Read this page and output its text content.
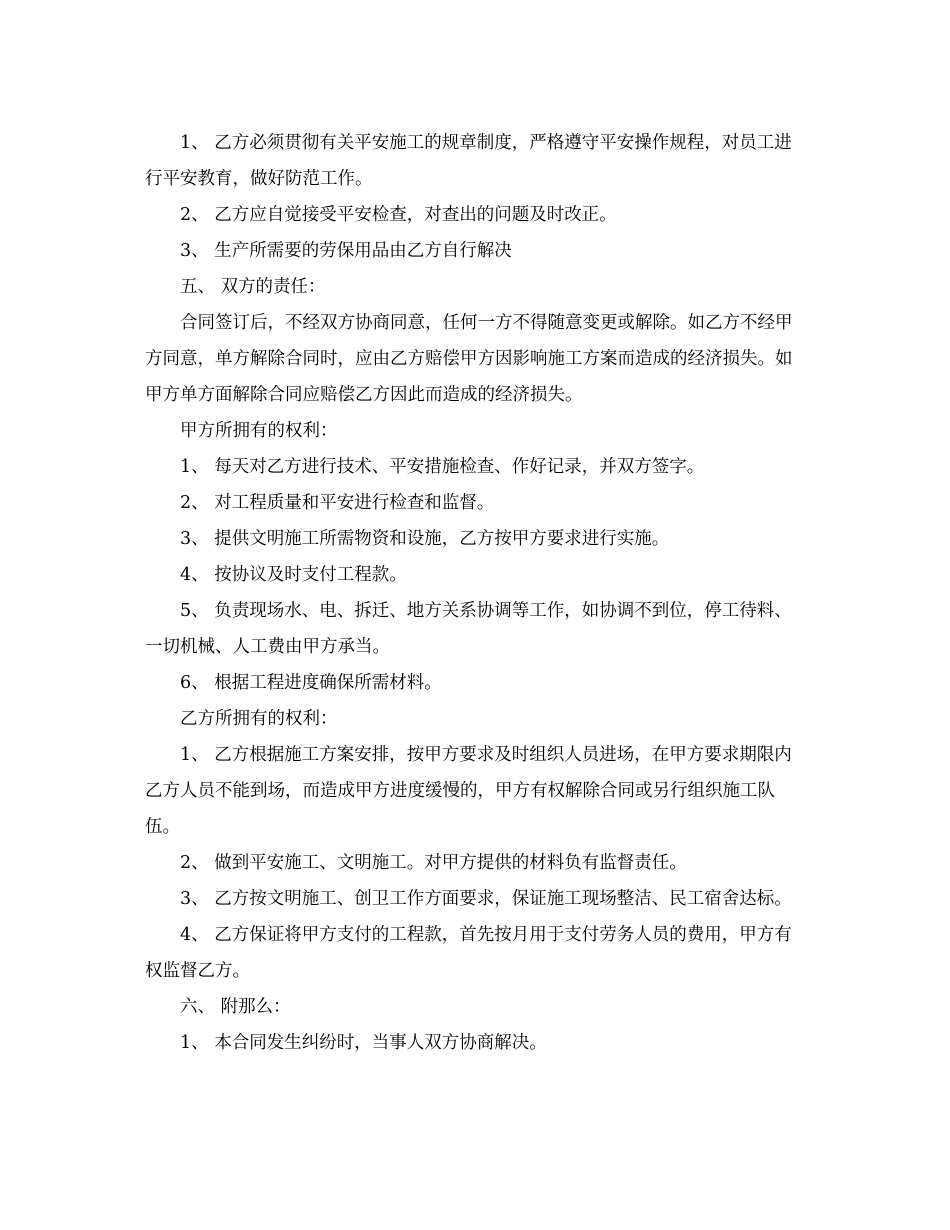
1、 乙方必须贯彻有关平安施工的规章制度，严格遵守平安操作规程，对员工进行平安教育，做好防范工作。

2、 乙方应自觉接受平安检查，对查出的问题及时改正。

3、 生产所需要的劳保用品由乙方自行解决

五、 双方的责任：

合同签订后，不经双方协商同意，任何一方不得随意变更或解除。如乙方不经甲方同意，单方解除合同时，应由乙方赔偿甲方因影响施工方案而造成的经济损失。如甲方单方面解除合同应赔偿乙方因此而造成的经济损失。

甲方所拥有的权利：

1、 每天对乙方进行技术、平安措施检查、作好记录，并双方签字。

2、 对工程质量和平安进行检查和监督。

3、 提供文明施工所需物资和设施，乙方按甲方要求进行实施。

4、 按协议及时支付工程款。

5、 负责现场水、电、拆迁、地方关系协调等工作，如协调不到位，停工待料、一切机械、人工费由甲方承当。

6、 根据工程进度确保所需材料。

乙方所拥有的权利：

1、 乙方根据施工方案安排，按甲方要求及时组织人员进场，在甲方要求期限内乙方人员不能到场，而造成甲方进度缓慢的，甲方有权解除合同或另行组织施工队伍。

2、 做到平安施工、文明施工。对甲方提供的材料负有监督责任。

3、 乙方按文明施工、创卫工作方面要求，保证施工现场整洁、民工宿舍达标。

4、 乙方保证将甲方支付的工程款，首先按月用于支付劳务人员的费用，甲方有权监督乙方。

六、 附那么：

1、 本合同发生纠纷时，当事人双方协商解决。
